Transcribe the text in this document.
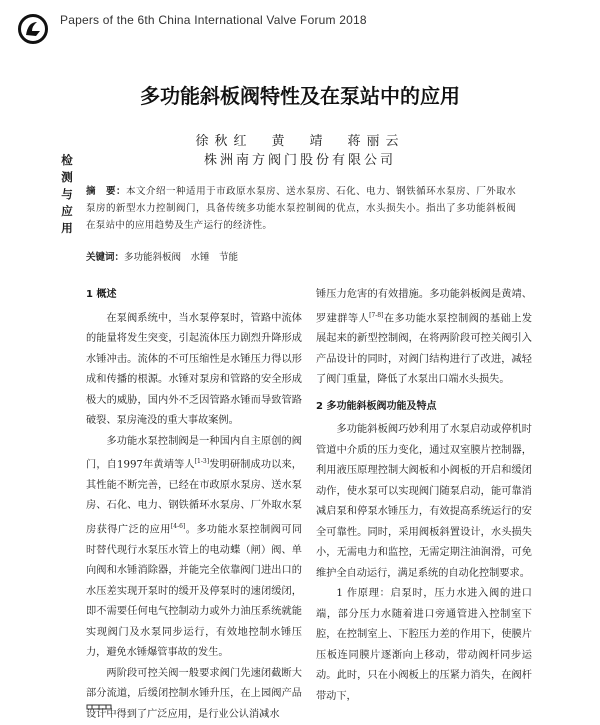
Papers of the 6th China International Valve Forum 2018
多功能斜板阀特性及在泵站中的应用
徐秋红　黄　靖　蒋丽云
株洲南方阀门股份有限公司
检
测
与
应
用
摘　要：本文介绍一种适用于市政原水泵房、送水泵房、石化、电力、钢铁循环水泵房、厂外取水泵房的新型水力控制阀门，具备传统多功能水泵控制阀的优点，水头损失小。指出了多功能斜板阀在泵站中的应用趋势及生产运行的经济性。
关键词：多功能斜板阀　水锤　节能
1 概述

在泵阀系统中，当水泵停泵时，管路中流体的能量将发生突变，引起流体压力剧烈升降形成水锤冲击。流体的不可压缩性是水锤压力得以形成和传播的根源。水锤对泵房和管路的安全形成极大的威胁，国内外不乏因管路水锤而导致管路破裂、泵房淹没的重大事故案例。

多功能水泵控制阀是一种国内自主原创的阀门，自1997年黄靖等人[1-3]发明研制成功以来，其性能不断完善，已经在市政原水泵房、送水泵房、石化、电力、钢铁循环水泵房、厂外取水泵房获得广泛的应用[4-6]。多功能水泵控制阀可同时替代现行水泵压水管上的电动蝶（闸）阀、单向阀和水锤消除器，并能完全依靠阀门进出口的水压差实现开泵时的缓开及停泵时的速闭缓闭，即不需要任何电气控制动力或外力油压系统就能实现阀门及水泵同步运行，有效地控制水锤压力，避免水锤爆管事故的发生。

两阶段可控关阀一般要求阀门先速闭截断大部分流道，后缓闭控制水锤升压，在上园阀产品设计中得到了广泛应用，是行业公认消减水

锤压力危害的有效措施。多功能斜板阀是黄靖、罗建群等人[7-8]在多功能水泵控制阀的基础上发展起来的新型控制阀，在将两阶段可控关阀引入产品设计的同时，对阀门结构进行了改进，减轻了阀门重量，降低了水泵出口端水头损失。

2 多功能斜板阀功能及特点

多功能斜板阀巧妙利用了水泵启动或停机时管道中介质的压力变化，通过双室膜片控制器，利用液压原理控制大阀板和小阀板的开启和缓闭动作，使水泵可以实现阀门随泵启动，能可靠消减启泵和停泵水锤压力，有效提高系统运行的安全可靠性。同时，采用阀板斜置设计，水头损失小，无需电力和监控，无需定期注油润滑，可免维护全自动运行，满足系统的自动化控制要求。

1 作原理：启泵时，压力水进入阀的进口端，部分压力水随着进口旁通管进入控制室下腔，在控制室上、下腔压力差的作用下，使膜片压板连同膜片逐渐向上移动，带动阀杆同步运动。此时，只在小阀板上的压紧力消失，在阀杆带动下，
